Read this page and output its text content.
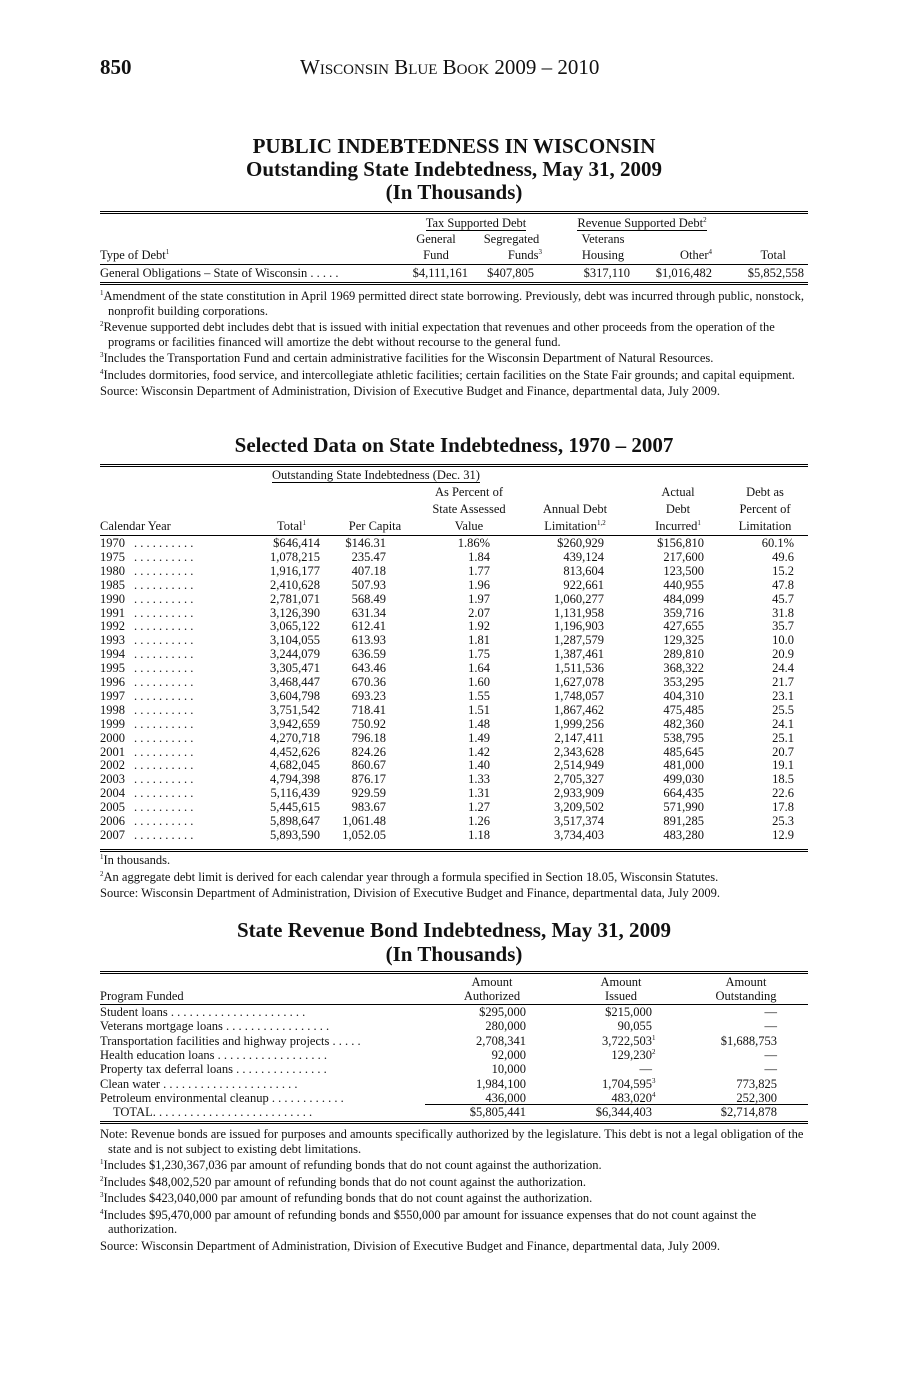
850	Wisconsin Blue Book 2009 – 2010
PUBLIC INDEBTEDNESS IN WISCONSIN
Outstanding State Indebtedness, May 31, 2009
(In Thousands)
Tax Supported Debt	Revenue Supported Debt$^2$
General	Segregated	Veterans
Type of Debt$^1$	Fund	Funds$^3$	Housing	Other$^4$	Total
General Obligations – State of Wisconsin . . . . .	$4,111,161	$407,805	$317,110	$1,016,482	$5,852,558

$^1$Amendment of the state constitution in April 1969 permitted direct state borrowing. Previously, debt was incurred through public, nonstock, nonprofit building corporations.

$^2$Revenue supported debt includes debt that is issued with initial expectation that revenues and other proceeds from the operation of the programs or facilities financed will amortize the debt without recourse to the general fund.

$^3$Includes the Transportation Fund and certain administrative facilities for the Wisconsin Department of Natural Resources.

$^4$Includes dormitories, food service, and intercollegiate athletic facilities; certain facilities on the State Fair grounds; and capital equipment.

Source: Wisconsin Department of Administration, Division of Executive Budget and Finance, departmental data, July 2009.

Selected Data on State Indebtedness, 1970 – 2007
Outstanding State Indebtedness (Dec. 31)
As Percent of	Actual	Debt as
State Assessed	Annual Debt	Debt	Percent of
Calendar Year	Total$^1$	Per Capita	Value	Limitation$^{1,2}$	Incurred$^1$	Limitation
1970	$646,414	$146.31	1.86%	$260,929	$156,810	60.1%
. . . . . . . . . .
1975	1,078,215	235.47	1.84	439,124	217,600	49.6
. . . . . . . . . .
1980	1,916,177	407.18	1.77	813,604	123,500	15.2
. . . . . . . . . .
1985	2,410,628	507.93	1.96	922,661	440,955	47.8
. . . . . . . . . .
1990	2,781,071	568.49	1.97	1,060,277	484,099	45.7
. . . . . . . . . .
1991	3,126,390	631.34	2.07	1,131,958	359,716	31.8
. . . . . . . . . .
1992	3,065,122	612.41	1.92	1,196,903	427,655	35.7
. . . . . . . . . .
1993	3,104,055	613.93	1.81	1,287,579	129,325	10.0
. . . . . . . . . .
1994	3,244,079	636.59	1.75	1,387,461	289,810	20.9
. . . . . . . . . .
1995	3,305,471	643.46	1.64	1,511,536	368,322	24.4
. . . . . . . . . .
1996	3,468,447	670.36	1.60	1,627,078	353,295	21.7
. . . . . . . . . .
1997	3,604,798	693.23	1.55	1,748,057	404,310	23.1
. . . . . . . . . .
1998	3,751,542	718.41	1.51	1,867,462	475,485	25.5
. . . . . . . . . .
1999	3,942,659	750.92	1.48	1,999,256	482,360	24.1
. . . . . . . . . .
2000	4,270,718	796.18	1.49	2,147,411	538,795	25.1
. . . . . . . . . .
2001	4,452,626	824.26	1.42	2,343,628	485,645	20.7
. . . . . . . . . .
2002	4,682,045	860.67	1.40	2,514,949	481,000	19.1
. . . . . . . . . .
2003	4,794,398	876.17	1.33	2,705,327	499,030	18.5
. . . . . . . . . .
2004	5,116,439	929.59	1.31	2,933,909	664,435	22.6
. . . . . . . . . .
2005	5,445,615	983.67	1.27	3,209,502	571,990	17.8
. . . . . . . . . .
2006	5,898,647	1,061.48	1.26	3,517,374	891,285	25.3
. . . . . . . . . .
2007	5,893,590	1,052.05	1.18	3,734,403	483,280	12.9
. . . . . . . . . .

$^1$In thousands.

$^2$An aggregate debt limit is derived for each calendar year through a formula specified in Section 18.05, Wisconsin Statutes.

Source: Wisconsin Department of Administration, Division of Executive Budget and Finance, departmental data, July 2009.

State Revenue Bond Indebtedness, May 31, 2009
(In Thousands)
Amount	Amount	Amount
Program Funded	Authorized	Issued	Outstanding
Student loans . . . . . . . . . . . . . . . . . . . . . .	$295,000	$215,000	—
Veterans mortgage loans . . . . . . . . . . . . . . . . .	280,000	90,055	—
Transportation facilities and highway projects . . . . .	2,708,341	3,722,503$^1$	$1,688,753
Health education loans . . . . . . . . . . . . . . . . . .	92,000	129,230$^2$	—
Property tax deferral loans . . . . . . . . . . . . . . .	10,000	—	—
Clean water . . . . . . . . . . . . . . . . . . . . . .	1,984,100	1,704,595$^3$	773,825
Petroleum environmental cleanup . . . . . . . . . . . .	436,000	483,020$^4$	252,300
TOTAL. . . . . . . . . . . . . . . . . . . . . . . . . .	$5,805,441	$6,344,403	$2,714,878

Note: Revenue bonds are issued for purposes and amounts specifically authorized by the legislature. This debt is not a legal obligation of the state and is not subject to existing debt limitations.

$^1$Includes $1,230,367,036 par amount of refunding bonds that do not count against the authorization.

$^2$Includes $48,002,520 par amount of refunding bonds that do not count against the authorization.

$^3$Includes $423,040,000 par amount of refunding bonds that do not count against the authorization.

$^4$Includes $95,470,000 par amount of refunding bonds and $550,000 par amount for issuance expenses that do not count against the authorization.

Source: Wisconsin Department of Administration, Division of Executive Budget and Finance, departmental data, July 2009.
